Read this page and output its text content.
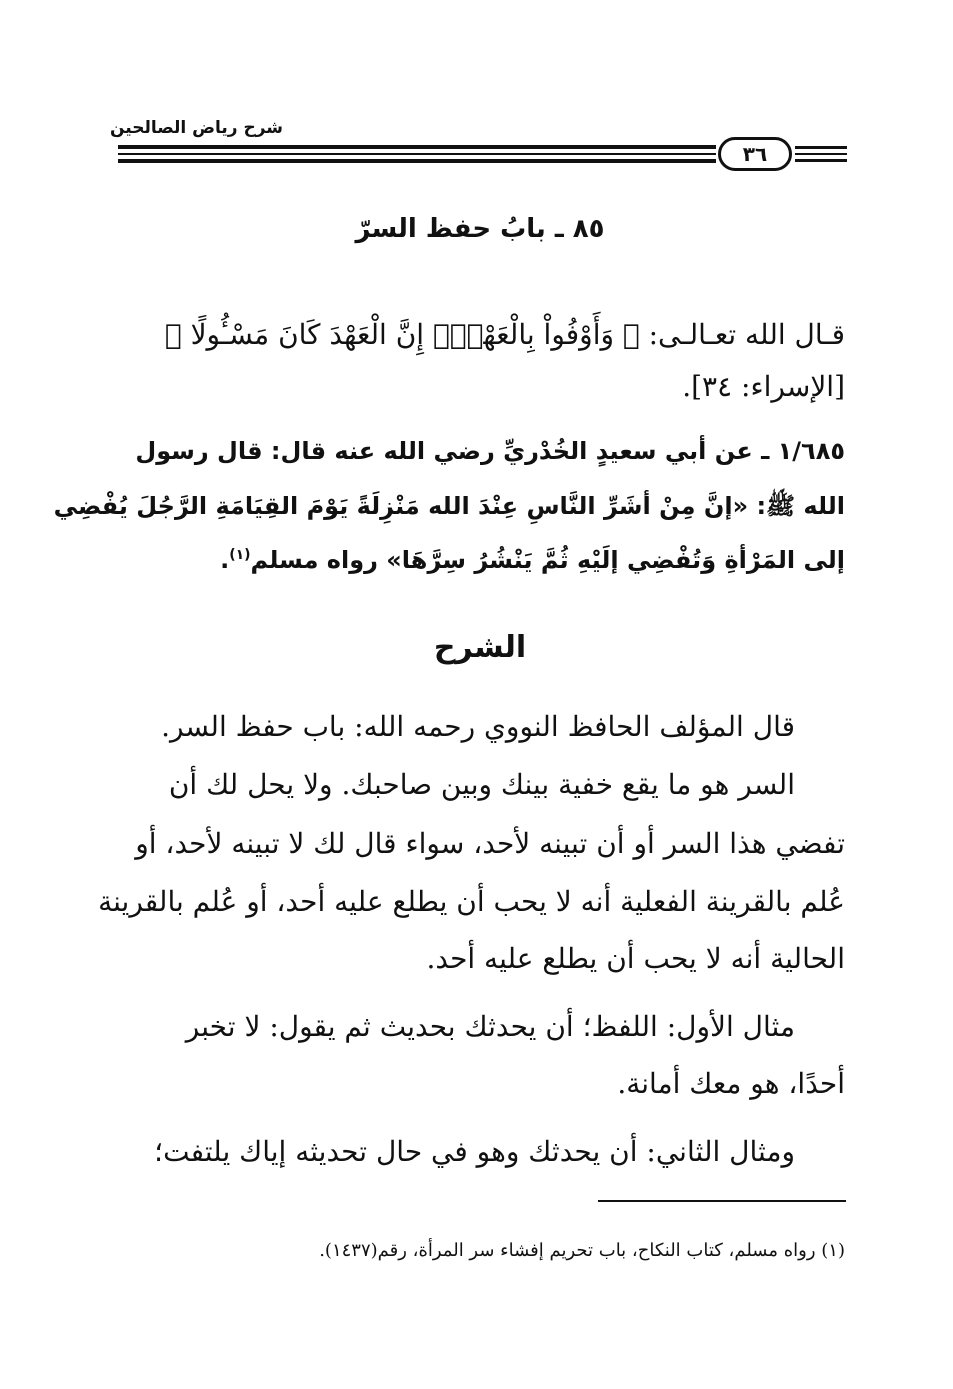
شرح رياض الصالحين
٣٦
٨٥ ـ بابُ حفظ السرّ
قـال الله تعـالـى: ﴿ وَأَوْفُواْ بِالْعَهْدِۖ إِنَّ الْعَهْدَ كَانَ مَسْـُٔولًا ﴾
[الإسراء: ٣٤].
١/٦٨٥ ـ عن أبي سعيدٍ الخُدْريِّ رضي الله عنه قال: قال رسول
الله ﷺ: «إنَّ مِنْ أشَرِّ النَّاسِ عِنْدَ الله مَنْزِلَةً يَوْمَ القِيَامَةِ الرَّجُلَ يُفْضِي
إلى المَرْأةِ وَتُفْضِي إلَيْهِ ثُمَّ يَنْشُرُ سِرَّهَا» رواه مسلم$^{(١)}$.
الشرح
قال المؤلف الحافظ النووي رحمه الله: باب حفظ السر.
السر هو ما يقع خفية بينك وبين صاحبك. ولا يحل لك أن
تفضي هذا السر أو أن تبينه لأحد، سواء قال لك لا تبينه لأحد، أو
عُلم بالقرينة الفعلية أنه لا يحب أن يطلع عليه أحد، أو عُلم بالقرينة
الحالية أنه لا يحب أن يطلع عليه أحد.
مثال الأول: اللفظ؛ أن يحدثك بحديث ثم يقول: لا تخبر
أحدًا، هو معك أمانة.
ومثال الثاني: أن يحدثك وهو في حال تحديثه إياك يلتفت؛
(١) رواه مسلم، كتاب النكاح، باب تحريم إفشاء سر المرأة، رقم(١٤٣٧).
